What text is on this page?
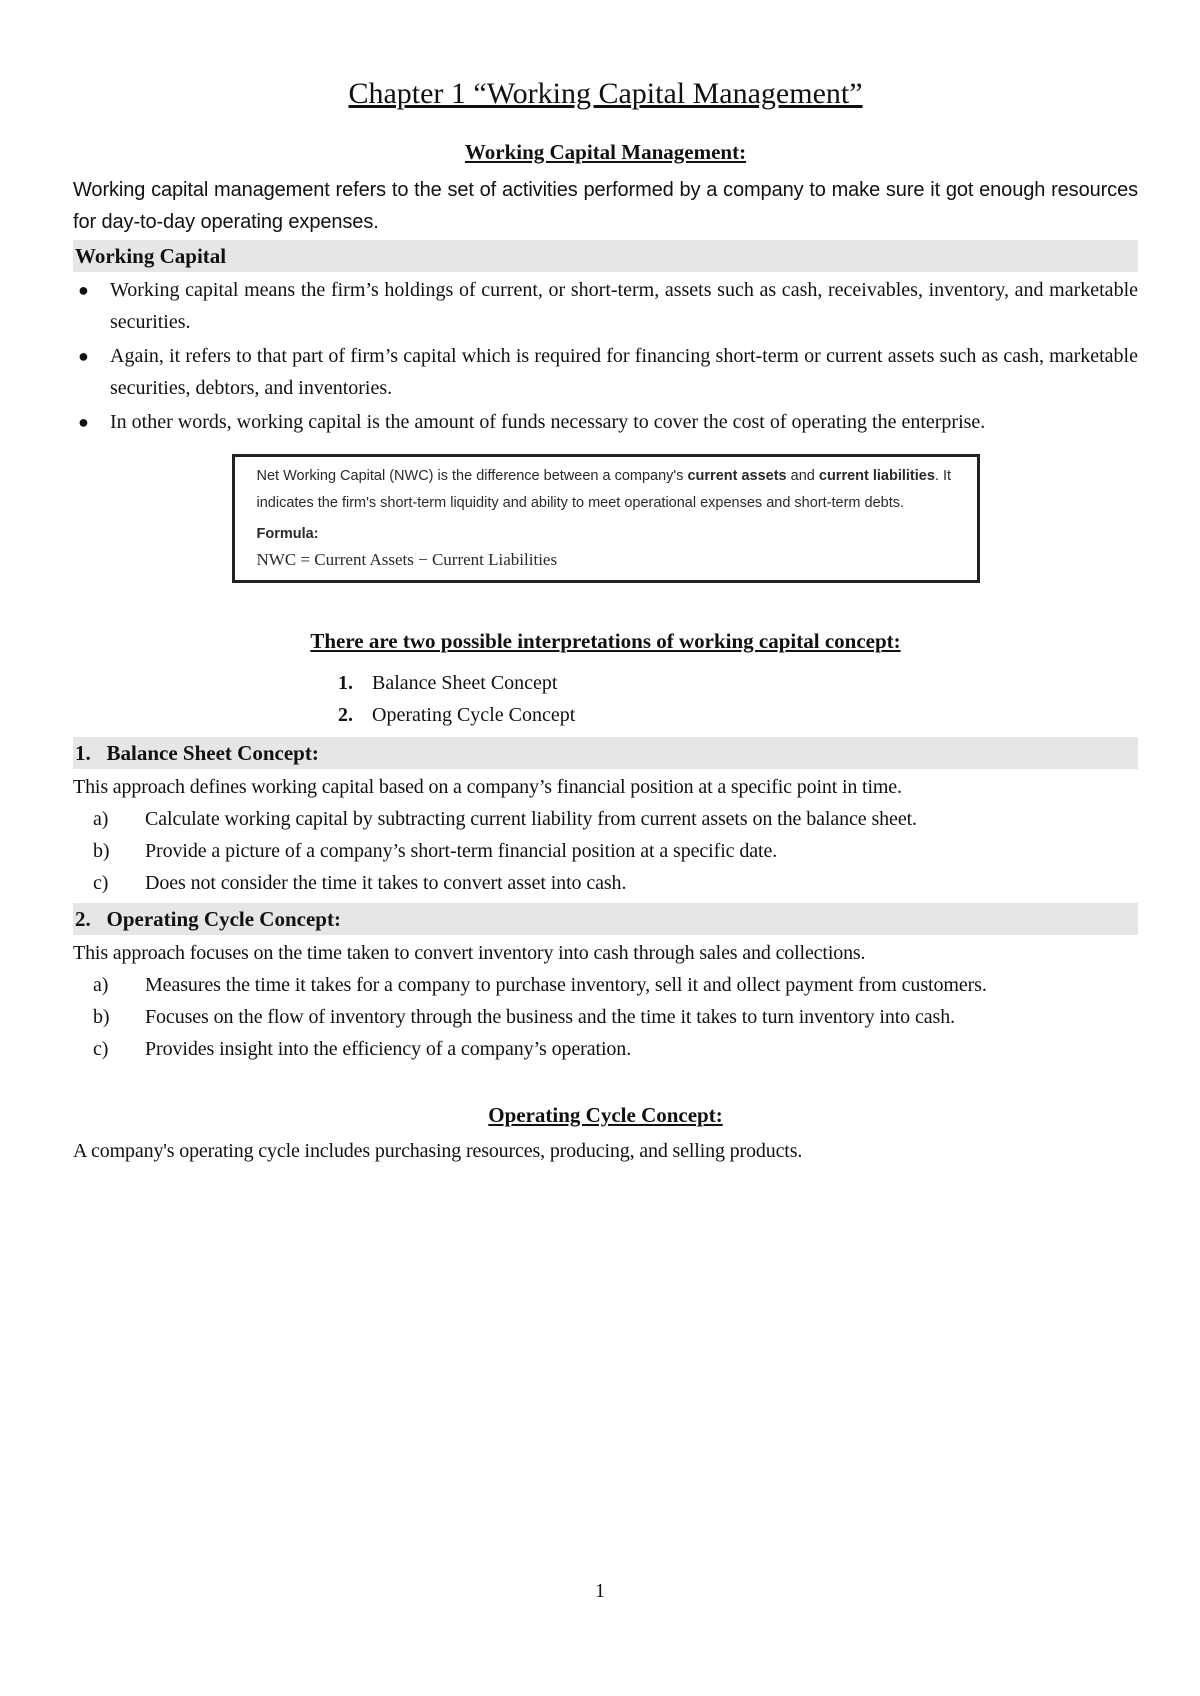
Chapter 1 “Working Capital Management”
Working Capital Management:

Working capital management refers to the set of activities performed by a company to make sure it got enough resources for day-to-day operating expenses.

Working Capital
● Working capital means the firm’s holdings of current, or short-term, assets such as cash, receivables, inventory, and marketable securities.
● Again, it refers to that part of firm’s capital which is required for financing short-term or current assets such as cash, marketable securities, debtors, and inventories.
● In other words, working capital is the amount of funds necessary to cover the cost of operating the enterprise.
Net Working Capital (NWC) is the difference between a company's current assets and current liabilities. It indicates the firm's short-term liquidity and ability to meet operational expenses and short-term debts.
Formula:
NWC = Current Assets − Current Liabilities
There are two possible interpretations of working capital concept:
1. Balance Sheet Concept
2. Operating Cycle Concept
1.   Balance Sheet Concept:

This approach defines working capital based on a company’s financial position at a specific point in time.

a) Calculate working capital by subtracting current liability from current assets on the balance sheet.
b) Provide a picture of a company’s short-term financial position at a specific date.
c) Does not consider the time it takes to convert asset into cash.
2.   Operating Cycle Concept:

This approach focuses on the time taken to convert inventory into cash through sales and collections.

a) Measures the time it takes for a company to purchase inventory, sell it and ollect payment from customers.
b) Focuses on the flow of inventory through the business and the time it takes to turn inventory into cash.
c) Provides insight into the efficiency of a company’s operation.
Operating Cycle Concept:

A company's operating cycle includes purchasing resources, producing, and selling products.

1
